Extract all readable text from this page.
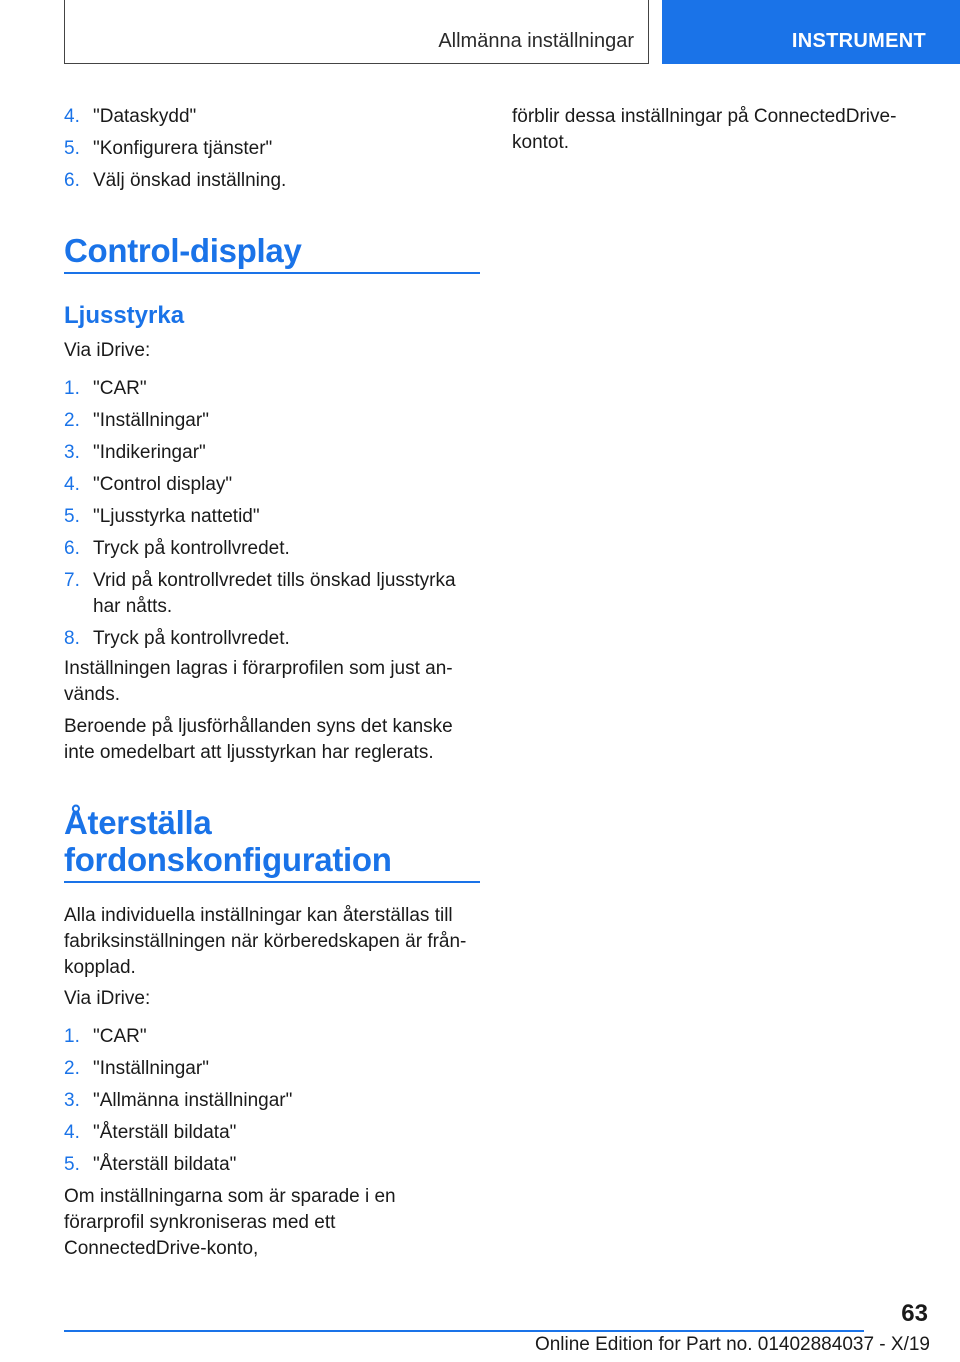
Allmänna inställningar	INSTRUMENT
4. "Dataskydd"
5. "Konfigurera tjänster"
6. Välj önskad inställning.
Control-display
Ljusstyrka
Via iDrive:
1. "CAR"
2. "Inställningar"
3. "Indikeringar"
4. "Control display"
5. "Ljusstyrka nattetid"
6. Tryck på kontrollvredet.
7. Vrid på kontrollvredet tills önskad ljusstyrka har nåtts.
8. Tryck på kontrollvredet.
Inställningen lagras i förarprofilen som just an-vänds.
Beroende på ljusförhållanden syns det kanske inte omedelbart att ljusstyrkan har reglerats.
Återställa
fordonskonfiguration
Alla individuella inställningar kan återställas till fabriksinställningen när körberedskapen är från-kopplad.
Via iDrive:
1. "CAR"
2. "Inställningar"
3. "Allmänna inställningar"
4. "Återställ bildata"
5. "Återställ bildata"
Om inställningarna som är sparade i en förarprofil synkroniseras med ett ConnectedDrive-konto,
förblir dessa inställningar på ConnectedDrive-kontot.
63
Online Edition for Part no. 01402884037 - X/19
